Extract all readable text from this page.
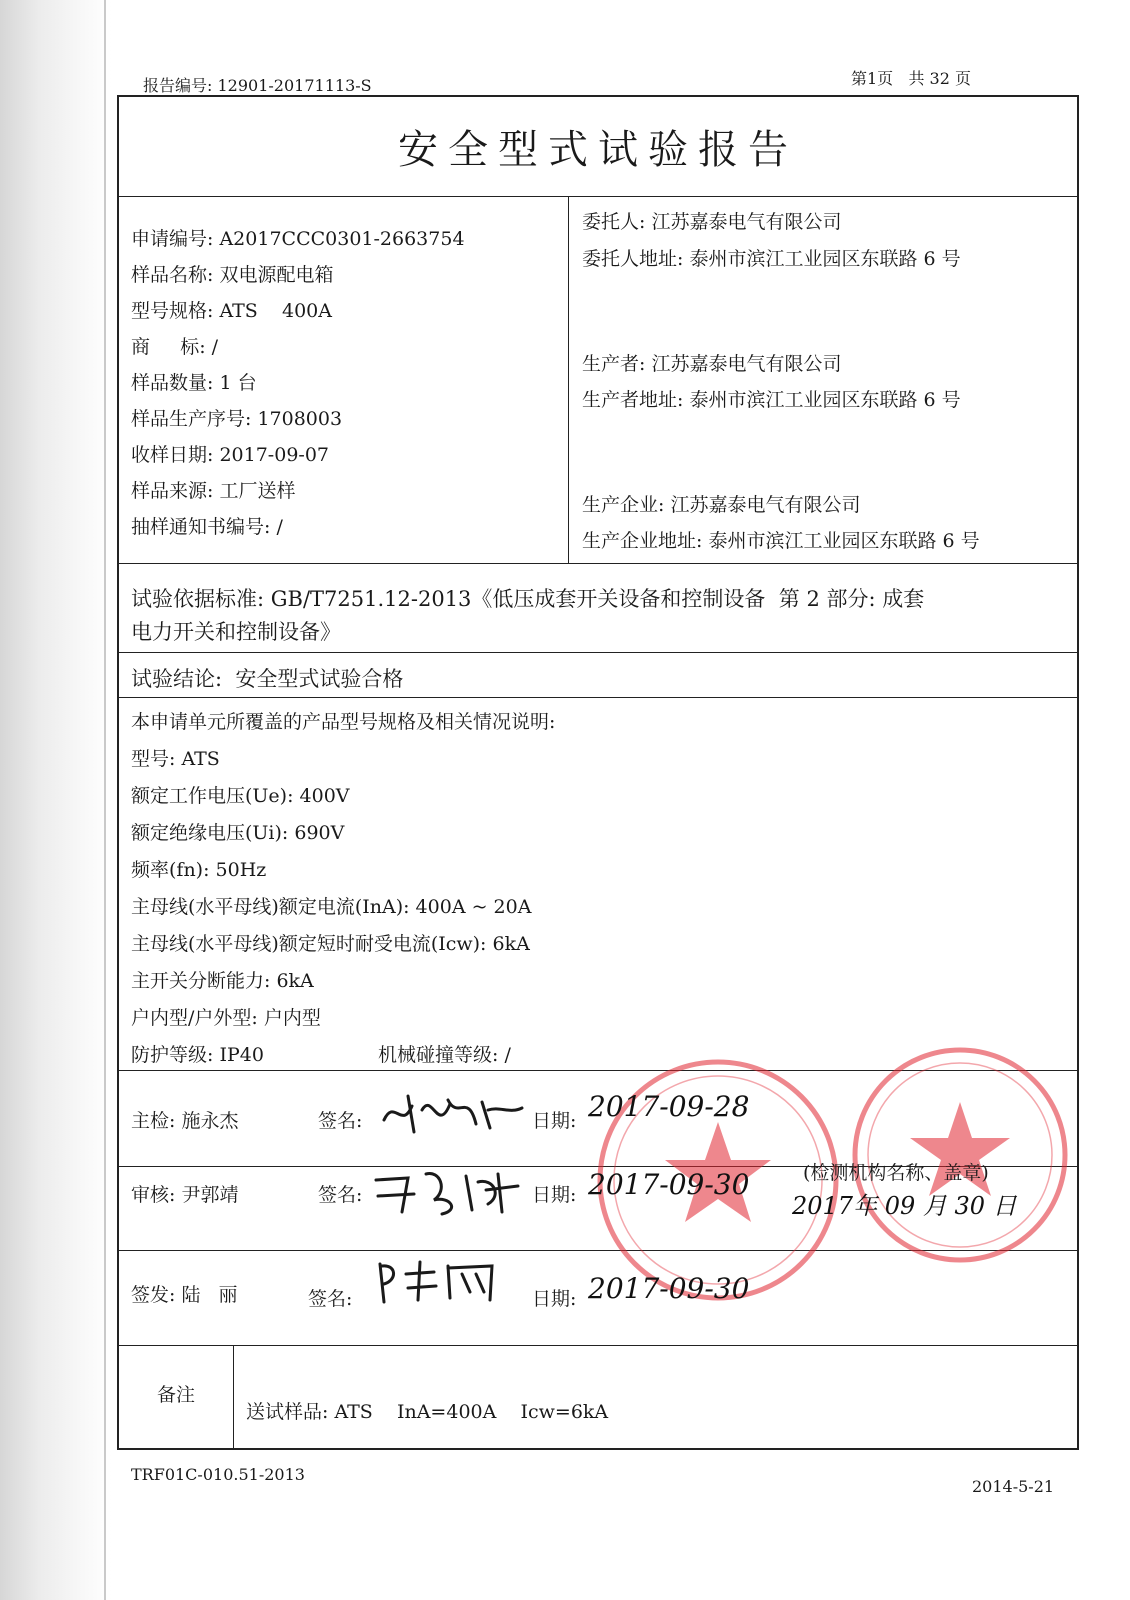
报告编号: 12901-20171113-S	第1页 共 32 页
安全型式试验报告
申请编号: A2017CCC0301-2663754
样品名称: 双电源配电箱
型号规格: ATS    400A
商     标: /
样品数量: 1 台
样品生产序号: 1708003
收样日期: 2017-09-07
样品来源: 工厂送样
抽样通知书编号: /
委托人: 江苏嘉泰电气有限公司
委托人地址: 泰州市滨江工业园区东联路 6 号
生产者: 江苏嘉泰电气有限公司
生产者地址: 泰州市滨江工业园区东联路 6 号
生产企业: 江苏嘉泰电气有限公司
生产企业地址: 泰州市滨江工业园区东联路 6 号
试验依据标准: GB/T7251.12-2013《低压成套开关设备和控制设备  第 2 部分: 成套
电力开关和控制设备》
试验结论:  安全型式试验合格
本申请单元所覆盖的产品型号规格及相关情况说明:
型号: ATS
额定工作电压(Ue): 400V
额定绝缘电压(Ui): 690V
频率(fn): 50Hz
主母线(水平母线)额定电流(InA): 400A ~ 20A
主母线(水平母线)额定短时耐受电流(Icw): 6kA
主开关分断能力: 6kA
户内型/户外型: 户内型
防护等级: IP40	机械碰撞等级: /
主检: 施永杰	签名:	日期: 2017-09-28
审核: 尹郭靖	签名:	日期: 2017-09-30	(检测机构名称、盖章)
2017年 09 月 30 日
签发: 陆   丽	签名:	日期: 2017-09-30
备注
送试样品: ATS    InA=400A    Icw=6kA
TRF01C-010.51-2013
2014-5-21
